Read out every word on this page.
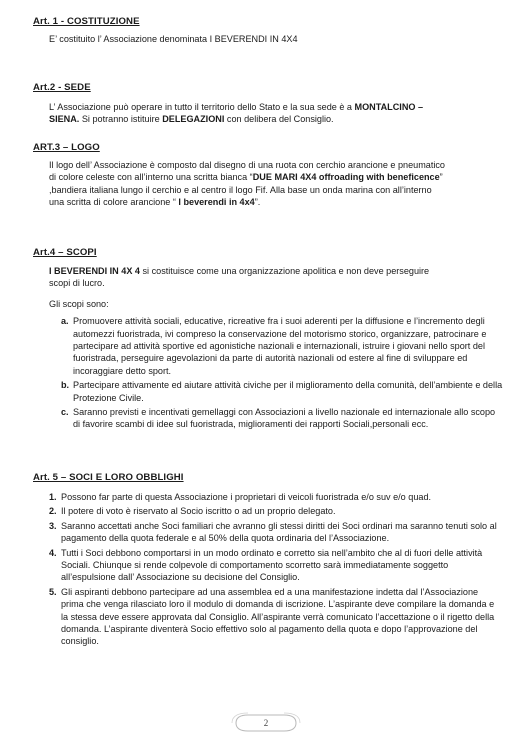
Art. 1 - COSTITUZIONE

E’ costituito l’ Associazione denominata I BEVERENDI IN 4X4

Art.2 - SEDE

L’ Associazione può operare in tutto il territorio dello Stato e la sua sede è a MONTALCINO –
SIENA. Si potranno istituire DELEGAZIONI con delibera del Consiglio.

ART.3 – LOGO

Il logo dell’ Associazione è composto dal disegno di una ruota con cerchio arancione e pneumatico
di colore celeste con all’interno una scritta bianca “DUE MARI 4X4 offroading with beneficence”
,bandiera italiana lungo il cerchio e al centro il logo Fif. Alla base un onda marina con all’interno
una scritta di colore arancione “ I beverendi in 4x4”.

Art.4 – SCOPI

I BEVERENDI IN 4X 4 si costituisce come una organizzazione apolitica e non deve perseguire
scopi di lucro.

Gli scopi sono:

a. Promuovere attività sociali, educative, ricreative fra i suoi aderenti per la diffusione e l’incremento degli automezzi fuoristrada, ivi compreso la conservazione del motorismo storico, organizzare, patrocinare e partecipare ad attività sportive ed agonistiche nazionali e internazionali, istruire i giovani nello sport del fuoristrada, perseguire agevolazioni da parte di autorità nazionali od estere al fine di sviluppare ed incoraggiare detto sport.
b. Partecipare attivamente ed aiutare attività civiche per il miglioramento della comunità, dell’ambiente e della Protezione Civile.
c. Saranno previsti e incentivati gemellaggi con Associazioni a livello nazionale ed internazionale allo scopo di favorire scambi di idee sul fuoristrada, miglioramenti dei rapporti Sociali,personali ecc.
Art. 5 – SOCI E LORO OBBLIGHI
1. Possono far parte di questa Associazione i proprietari di veicoli fuoristrada e/o suv e/o quad.
2. Il potere di voto è riservato al Socio iscritto o ad un proprio delegato.
3. Saranno accettati anche Soci familiari che avranno gli stessi diritti dei Soci ordinari ma saranno tenuti solo al pagamento della quota federale e al 50% della quota ordinaria del l’Associazione.
4. Tutti i Soci debbono comportarsi in un modo ordinato e corretto sia nell’ambito che al di fuori delle attività Sociali. Chiunque si rende colpevole di comportamento scorretto sarà immediatamente soggetto all’espulsione dall’ Associazione su decisione del Consiglio.
5. Gli aspiranti debbono partecipare ad una assemblea ed a una manifestazione indetta dal l’Associazione prima che venga rilasciato loro il modulo di domanda di iscrizione. L’aspirante deve compilare la domanda e la stessa deve essere approvata dal Consiglio. All’aspirante verrà comunicato l’accettazione o il rigetto della domanda. L’aspirante diventerà Socio effettivo solo al pagamento della quota e dopo l’approvazione del consiglio.
2
